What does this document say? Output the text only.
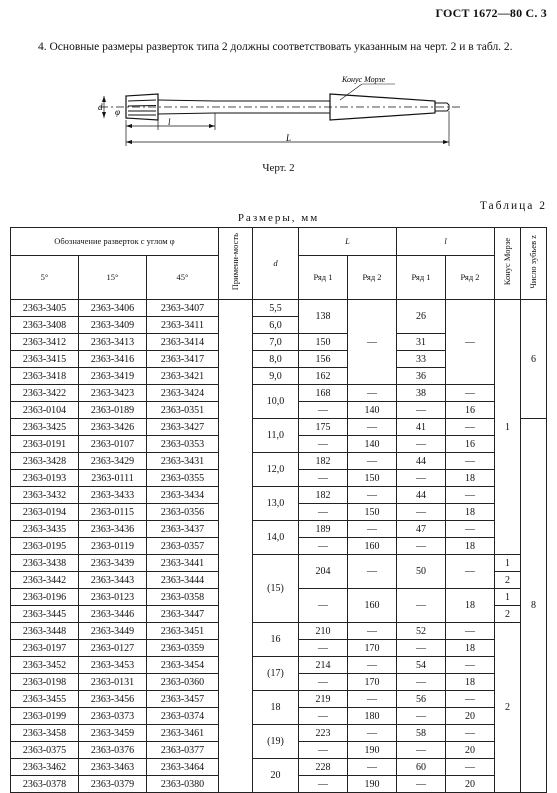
ГОСТ 1672—80 С. 3
4. Основные размеры разверток типа 2 должны соответствовать указанным на черт. 2 и в табл. 2.
Конус Морзе
φ
d
l
L
Черт. 2
Таблица 2
Размеры, мм
Обозначение разверток с углом φ			Примени-мость	d	L		l		Конус Морзе	Число зубьев z
5°	15°	45°			Ряд 1	Ряд 2	Ряд 1	Ряд 2		
2363-3405	2363-3406	2363-3407		5,5	138	—	26	—	1	6
2363-3408	2363-3409	2363-3411		6,0						
2363-3412	2363-3413	2363-3414		7,0	150		31			
2363-3415	2363-3416	2363-3417		8,0	156		33			
2363-3418	2363-3419	2363-3421		9,0	162		36			
2363-3422	2363-3423	2363-3424		10,0	168	—	38	—		
2363-0104	2363-0189	2363-0351			—	140	—	16		
2363-3425	2363-3426	2363-3427		11,0	175	—	41	—		8
2363-0191	2363-0107	2363-0353			—	140	—	16		
2363-3428	2363-3429	2363-3431		12,0	182	—	44	—		
2363-0193	2363-0111	2363-0355			—	150	—	18		
2363-3432	2363-3433	2363-3434		13,0	182	—	44	—		
2363-0194	2363-0115	2363-0356			—	150	—	18		
2363-3435	2363-3436	2363-3437		14,0	189	—	47	—		
2363-0195	2363-0119	2363-0357			—	160	—	18		
2363-3438	2363-3439	2363-3441		(15)	204	—	50	—	1	
2363-3442	2363-3443	2363-3444							2	
2363-0196	2363-0123	2363-0358			—	160	—	18	1	
2363-3445	2363-3446	2363-3447							2	
2363-3448	2363-3449	2363-3451		16	210	—	52	—	2	
2363-0197	2363-0127	2363-0359			—	170	—	18		
2363-3452	2363-3453	2363-3454		(17)	214	—	54	—		
2363-0198	2363-0131	2363-0360			—	170	—	18		
2363-3455	2363-3456	2363-3457		18	219	—	56	—		
2363-0199	2363-0373	2363-0374			—	180	—	20		
2363-3458	2363-3459	2363-3461		(19)	223	—	58	—		
2363-0375	2363-0376	2363-0377			—	190	—	20		
2363-3462	2363-3463	2363-3464		20	228	—	60	—		
2363-0378	2363-0379	2363-0380			—	190	—	20		
